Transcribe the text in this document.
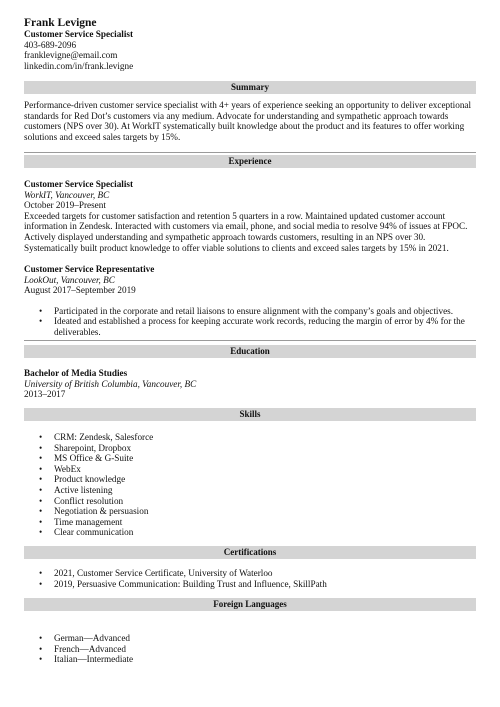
Frank Levigne
Customer Service Specialist
403-689-2096
franklevigne@email.com
linkedin.com/in/frank.levigne
Summary

Performance-driven customer service specialist with 4+ years of experience seeking an opportunity to deliver exceptional standards for Red Dot’s customers via any medium. Advocate for understanding and sympathetic approach towards customers (NPS over 30). At WorkIT systematically built knowledge about the product and its features to offer working solutions and exceed sales targets by 15%.

Experience
Customer Service Specialist
WorkIT, Vancouver, BC
October 2019–Present

Exceeded targets for customer satisfaction and retention 5 quarters in a row. Maintained updated customer account information in Zendesk. Interacted with customers via email, phone, and social media to resolve 94% of issues at FPOC. Actively displayed understanding and sympathetic approach towards customers, resulting in an NPS over 30. Systematically built product knowledge to offer viable solutions to clients and exceed sales targets by 15% in 2021.

Customer Service Representative
LookOut, Vancouver, BC
August 2017–September 2019
• Participated in the corporate and retail liaisons to ensure alignment with the company’s goals and objectives.
• Ideated and established a process for keeping accurate work records, reducing the margin of error by 4% for the deliverables.
Education
Bachelor of Media Studies
University of British Columbia, Vancouver, BC
2013–2017
Skills
• CRM: Zendesk, Salesforce
• Sharepoint, Dropbox
• MS Office & G-Suite
• WebEx
• Product knowledge
• Active listening
• Conflict resolution
• Negotiation & persuasion
• Time management
• Clear communication
Certifications
• 2021, Customer Service Certificate, University of Waterloo
• 2019, Persuasive Communication: Building Trust and Influence, SkillPath
Foreign Languages
• German—Advanced
• French—Advanced
• Italian—Intermediate
